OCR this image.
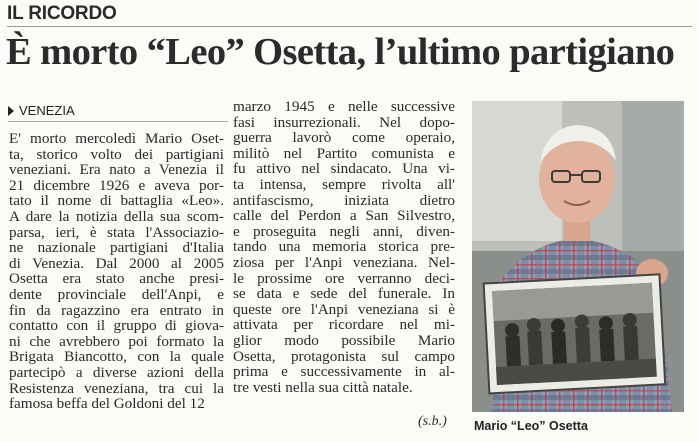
IL RICORDO
È morto “Leo” Osetta, l’ultimo partigiano
VENEZIA
E' morto mercoledì Mario Oset-
ta, storico volto dei partigiani
veneziani. Era nato a Venezia il
21 dicembre 1926 e aveva por-
tato il nome di battaglia «Leo».
A dare la notizia della sua scom-
parsa, ieri, è stata l'Associazio-
ne nazionale partigiani d'Italia
di Venezia. Dal 2000 al 2005
Osetta era stato anche presi-
dente provinciale dell'Anpi, e
fin da ragazzino era entrato in
contatto con il gruppo di giova-
ni che avrebbero poi formato la
Brigata Biancotto, con la quale
partecipò a diverse azioni della
Resistenza veneziana, tra cui la
famosa beffa del Goldoni del 12
marzo 1945 e nelle successive
fasi insurrezionali. Nel dopo-
guerra lavorò come operaio,
militò nel Partito comunista e
fu attivo nel sindacato. Una vi-
ta intensa, sempre rivolta all'
antifascismo, iniziata dietro
calle del Perdon a San Silvestro,
e proseguita negli anni, diven-
tando una memoria storica pre-
ziosa per l'Anpi veneziana. Nel-
le prossime ore verranno deci-
se data e sede del funerale. In
queste ore l'Anpi veneziana si è
attivata per ricordare nel mi-
glior modo possibile Mario
Osetta, protagonista sul campo
prima e successivamente in al-
tre vesti nella sua città natale.
(s.b.) Mario “Leo” Osetta
